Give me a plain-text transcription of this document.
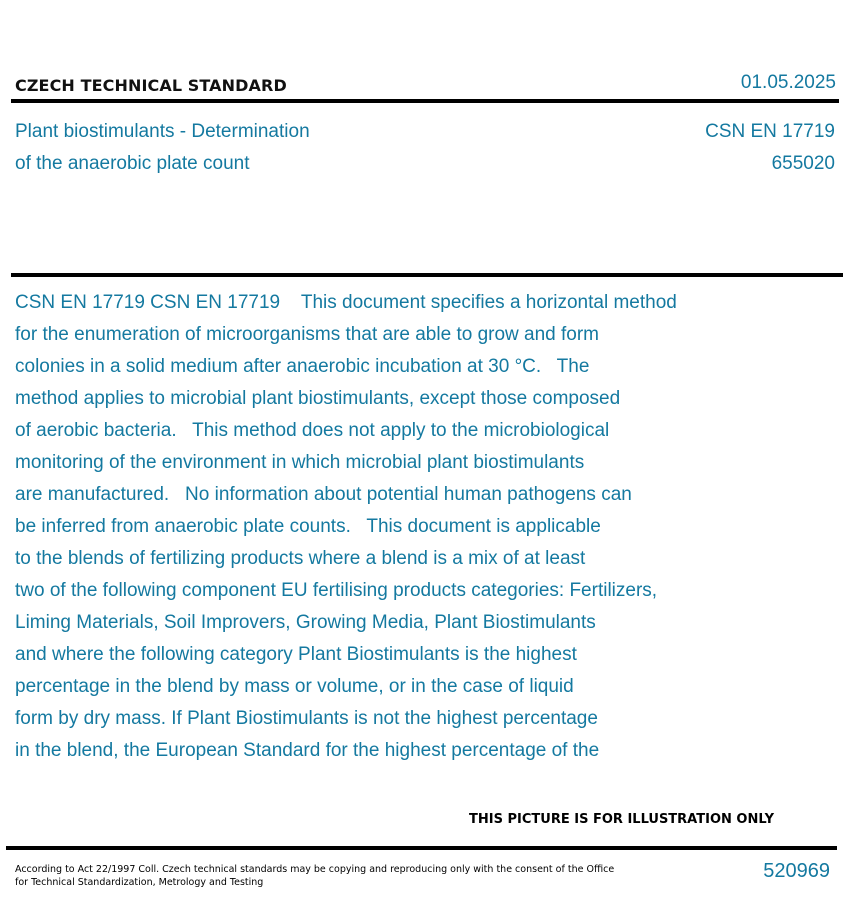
CZECH TECHNICAL STANDARD	01.05.2025
Plant biostimulants - Determination
of the anaerobic plate count
CSN EN 17719
655020
CSN EN 17719 CSN EN 17719    This document specifies a horizontal method
for the enumeration of microorganisms that are able to grow and form
colonies in a solid medium after anaerobic incubation at 30 °C.   The
method applies to microbial plant biostimulants, except those composed
of aerobic bacteria.   This method does not apply to the microbiological
monitoring of the environment in which microbial plant biostimulants
are manufactured.   No information about potential human pathogens can
be inferred from anaerobic plate counts.   This document is applicable
to the blends of fertilizing products where a blend is a mix of at least
two of the following component EU fertilising products categories: Fertilizers,
Liming Materials, Soil Improvers, Growing Media, Plant Biostimulants
and where the following category Plant Biostimulants is the highest
percentage in the blend by mass or volume, or in the case of liquid
form by dry mass. If Plant Biostimulants is not the highest percentage
in the blend, the European Standard for the highest percentage of the
THIS PICTURE IS FOR ILLUSTRATION ONLY
According to Act 22/1997 Coll. Czech technical standards may be copying and reproducing only with the consent of the Office
for Technical Standardization, Metrology and Testing
520969
